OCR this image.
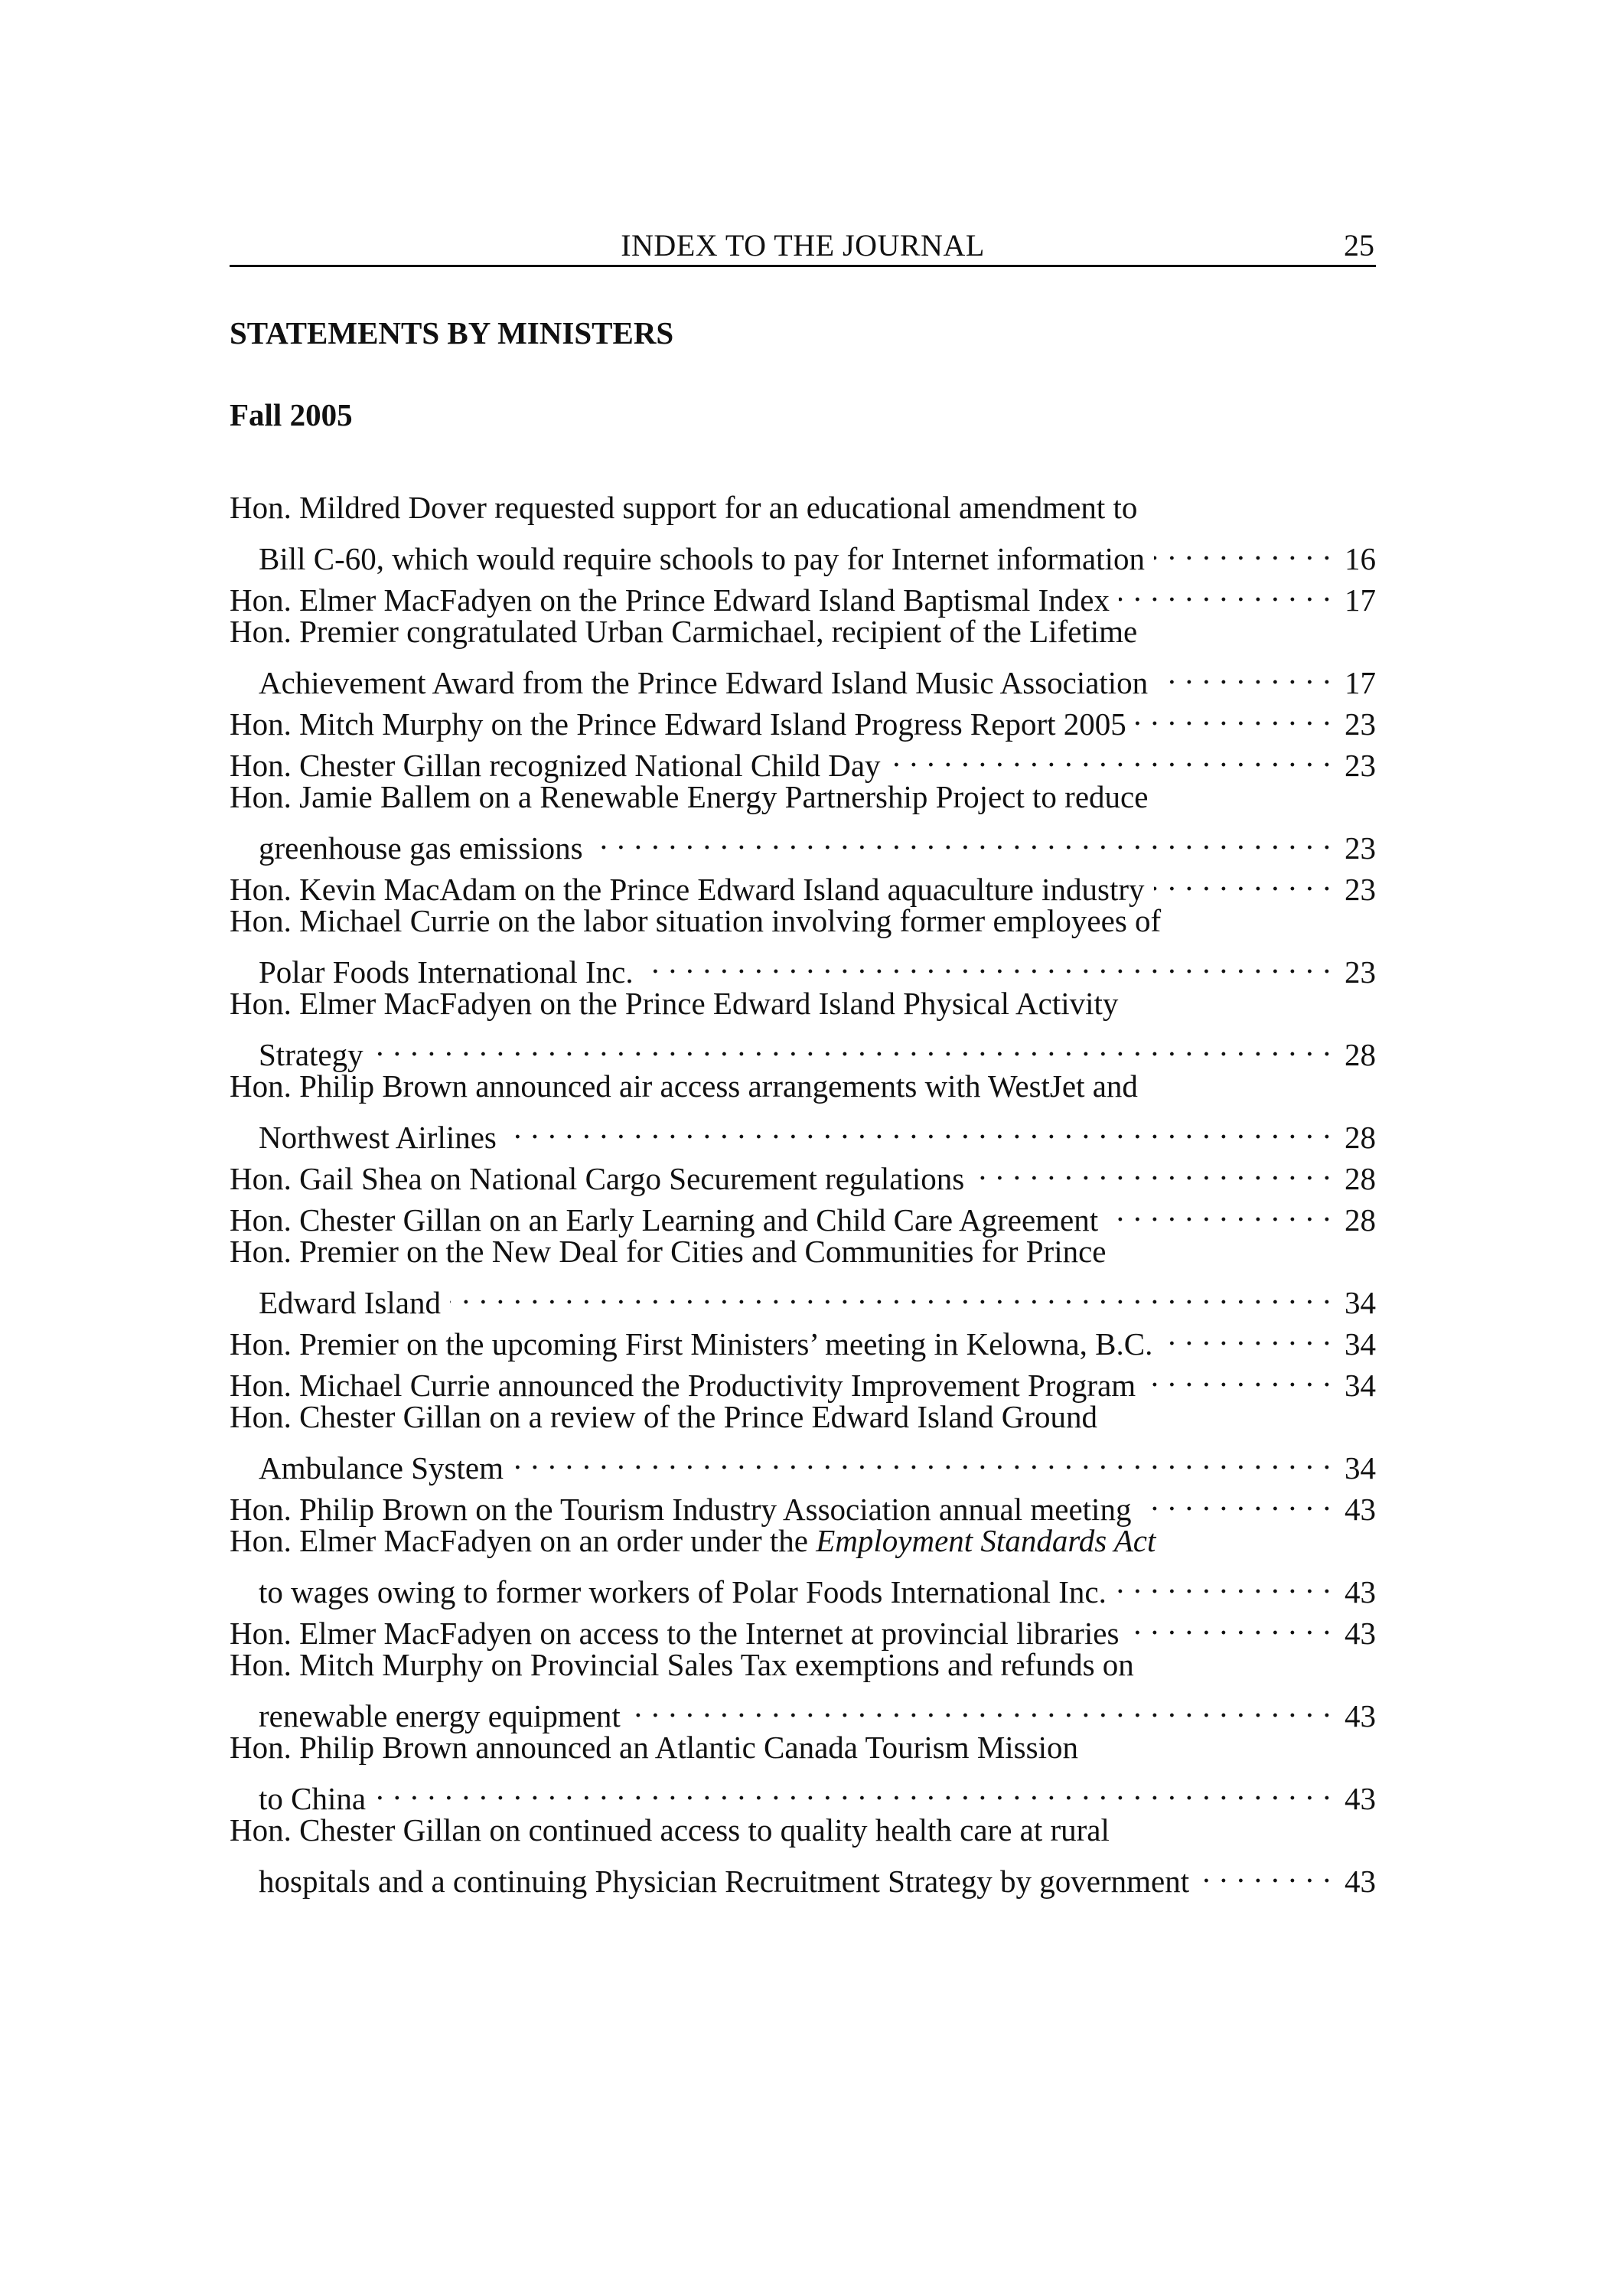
INDEX TO THE JOURNAL	25
STATEMENTS BY MINISTERS
Fall 2005
Hon. Mildred Dover requested support for an educational amendment to
Bill C-60, which would require schools to pay for Internet information . . .	16
Hon. Elmer MacFadyen on the Prince Edward Island Baptismal Index . . .	17
Hon. Premier congratulated Urban Carmichael, recipient of the Lifetime
Achievement Award from the Prince Edward Island Music Association . . .	17
Hon. Mitch Murphy on the Prince Edward Island Progress Report 2005 . . .	23
Hon. Chester Gillan recognized National Child Day . . .	23
Hon. Jamie Ballem on a Renewable Energy Partnership Project to reduce
greenhouse gas emissions . . .	23
Hon. Kevin MacAdam on the Prince Edward Island aquaculture industry . . .	23
Hon. Michael Currie on the labor situation involving former employees of
Polar Foods International Inc. . . .	23
Hon. Elmer MacFadyen on the Prince Edward Island Physical Activity
Strategy . . .	28
Hon. Philip Brown announced air access arrangements with WestJet and
Northwest Airlines . . .	28
Hon. Gail Shea on National Cargo Securement regulations . . .	28
Hon. Chester Gillan on an Early Learning and Child Care Agreement . . .	28
Hon. Premier on the New Deal for Cities and Communities for Prince
Edward Island . . .	34
Hon. Premier on the upcoming First Ministers’ meeting in Kelowna, B.C. . . .	34
Hon. Michael Currie announced the Productivity Improvement Program . . .	34
Hon. Chester Gillan on a review of the Prince Edward Island Ground
Ambulance System . . .	34
Hon. Philip Brown on the Tourism Industry Association annual meeting . . .	43
Hon. Elmer MacFadyen on an order under the Employment Standards Act
to wages owing to former workers of Polar Foods International Inc. . . .	43
Hon. Elmer MacFadyen on access to the Internet at provincial libraries . . .	43
Hon. Mitch Murphy on Provincial Sales Tax exemptions and refunds on
renewable energy equipment . . .	43
Hon. Philip Brown announced an Atlantic Canada Tourism Mission
to China . . .	43
Hon. Chester Gillan on continued access to quality health care at rural
hospitals and a continuing Physician Recruitment Strategy by government . . .	43
